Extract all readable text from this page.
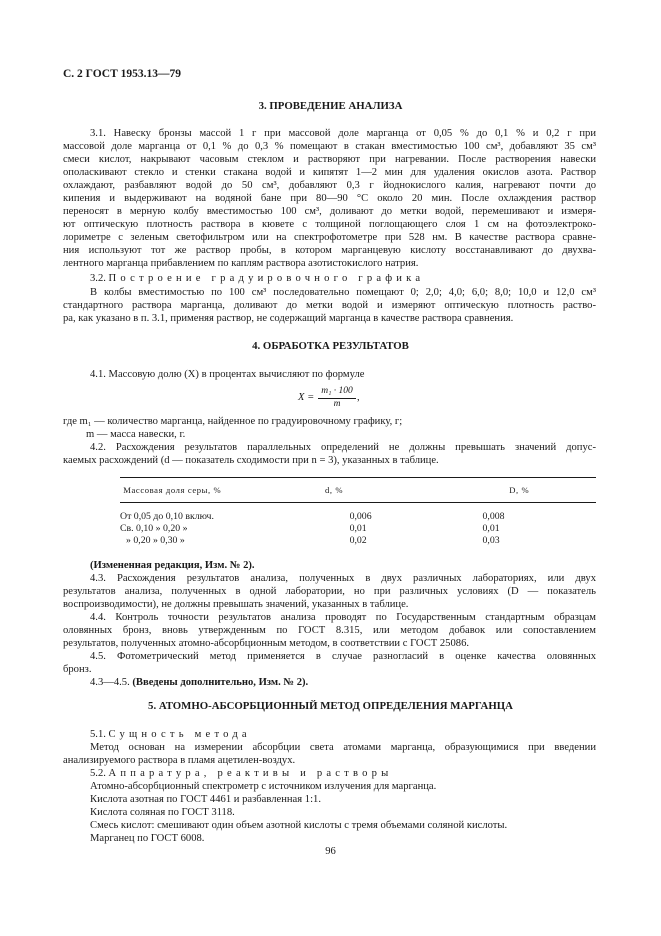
С. 2 ГОСТ 1953.13—79
3. ПРОВЕДЕНИЕ АНАЛИЗА
3.1. Навеску бронзы массой 1 г при массовой доле марганца от 0,05 % до 0,1 % и 0,2 г при
массовой доле марганца от 0,1 % до 0,3 % помещают в стакан вместимостью 100 см³, добавляют 35 см³
смеси кислот, накрывают часовым стеклом и растворяют при нагревании. После растворения навески
ополаскивают стекло и стенки стакана водой и кипятят 1—2 мин для удаления окислов азота. Раствор
охлаждают, разбавляют водой до 50 см³, добавляют 0,3 г йоднокислого калия, нагревают почти до
кипения и выдерживают на водяной бане при 80—90 °С около 20 мин. После охлаждения раствор
переносят в мерную колбу вместимостью 100 см³, доливают до метки водой, перемешивают и измеря-
ют оптическую плотность раствора в кювете с толщиной поглощающего слоя 1 см на фотоэлектроко-
лориметре с зеленым светофильтром или на спектрофотометре при 528 нм. В качестве раствора сравне-
ния используют тот же раствор пробы, в котором марганцевую кислоту восстанавливают до двухва-
лентного марганца прибавлением по каплям раствора азотистокислого натрия.
3.2. Построение градуировочного графика
В колбы вместимостью по 100 см³ последовательно помещают 0; 2,0; 4,0; 6,0; 8,0; 10,0 и 12,0 см³
стандартного раствора марганца, доливают до метки водой и измеряют оптическую плотность раство-
ра, как указано в п. 3.1, применяя раствор, не содержащий марганца в качестве раствора сравнения.
4. ОБРАБОТКА РЕЗУЛЬТАТОВ
4.1. Массовую долю (X) в процентах вычисляют по формуле
X =
m₁ · 100
m
,
где m₁ — количество марганца, найденное по градуировочному графику, г;
m — масса навески, г.
4.2. Расхождения результатов параллельных определений не должны превышать значений допус-
каемых расхождений (d — показатель сходимости при n = 3), указанных в таблице.
Массовая доля серы, %	d, %	D, %

От 0,05 до 0,10 включ.	0,006	0,008
Св. 0,10 » 0,20 »	0,01	0,01
» 0,20 » 0,30 »	0,02	0,03
(Измененная редакция, Изм. № 2).
4.3. Расхождения результатов анализа, полученных в двух различных лабораториях, или двух
результатов анализа, полученных в одной лаборатории, но при различных условиях (D — показатель
воспроизводимости), не должны превышать значений, указанных в таблице.
4.4. Контроль точности результатов анализа проводят по Государственным стандартным образцам
оловянных бронз, вновь утвержденным по ГОСТ 8.315, или методом добавок или сопоставлением
результатов, полученных атомно-абсорбционным методом, в соответствии с ГОСТ 25086.
4.5. Фотометрический метод применяется в случае разногласий в оценке качества оловянных
бронз.
4.3—4.5. (Введены дополнительно, Изм. № 2).
5. АТОМНО-АБСОРБЦИОННЫЙ МЕТОД ОПРЕДЕЛЕНИЯ МАРГАНЦА
5.1. Сущность метода
Метод основан на измерении абсорбции света атомами марганца, образующимися при введении
анализируемого раствора в пламя ацетилен-воздух.
5.2. Аппаратура, реактивы и растворы
Атомно-абсорбционный спектрометр с источником излучения для марганца.
Кислота азотная по ГОСТ 4461 и разбавленная 1:1.
Кислота соляная по ГОСТ 3118.
Смесь кислот: смешивают один объем азотной кислоты с тремя объемами соляной кислоты.
Марганец по ГОСТ 6008.
96
